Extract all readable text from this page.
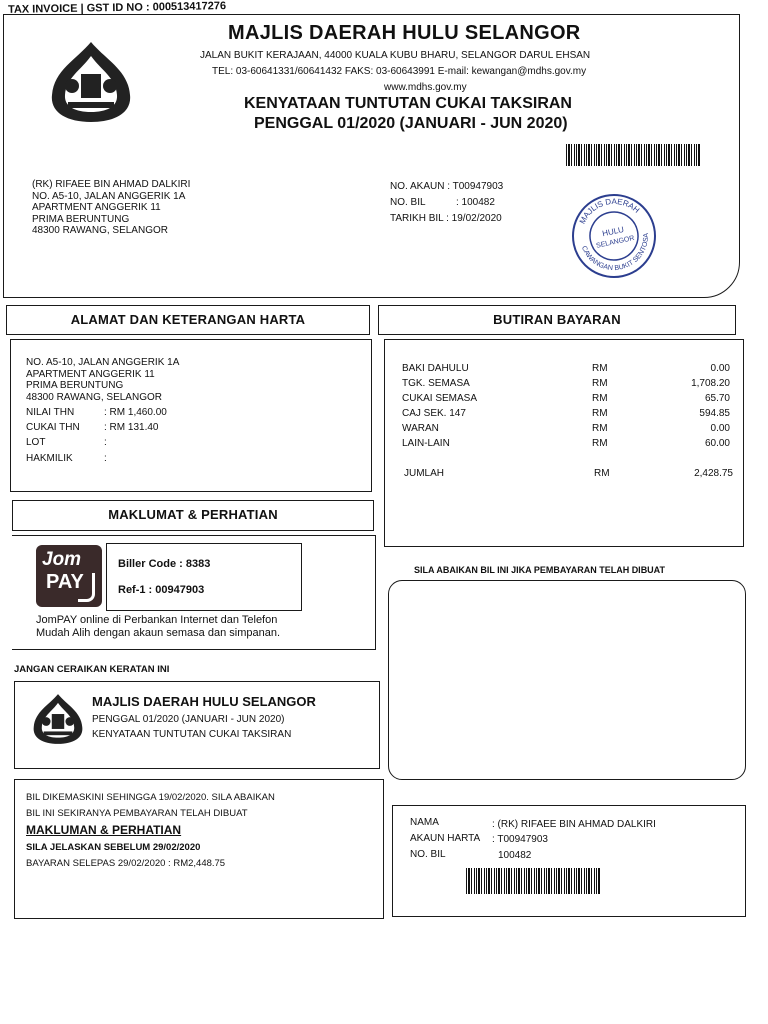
TAX INVOICE | GST ID NO : 000513417276
MAJLIS DAERAH HULU SELANGOR
JALAN BUKIT KERAJAAN, 44000 KUALA KUBU BHARU, SELANGOR DARUL EHSAN
TEL: 03-60641331/60641432 FAKS: 03-60643991 E-mail: kewangan@mdhs.gov.my
www.mdhs.gov.my
KENYATAAN TUNTUTAN CUKAI TAKSIRAN
PENGGAL 01/2020 (JANUARI - JUN 2020)
(RK) RIFAEE BIN AHMAD DALKIRI
NO. A5-10, JALAN ANGGERIK 1A
APARTMENT ANGGERIK 11
PRIMA BERUNTUNG
48300 RAWANG, SELANGOR
NO. AKAUN : T00947903
NO. BIL	: 100482
TARIKH BIL : 19/02/2020	MAJLIS DAERAH
CAWANGAN BUKIT SENTOSA
HULU
SELANGOR
ALAMAT DAN KETERANGAN HARTA
NO. A5-10, JALAN ANGGERIK 1A
APARTMENT ANGGERIK 11
PRIMA BERUNTUNG
48300 RAWANG, SELANGOR
NILAI THN	: RM 1,460.00
CUKAI THN : RM 131.40
LOT	:
HAKMILIK	:
BUTIRAN BAYARAN
BAKI DAHULU	RM	0.00
TGK. SEMASA	RM	1,708.20
CUKAI SEMASA	RM	65.70
CAJ SEK. 147	RM	594.85
WARAN	RM	0.00
LAIN-LAIN	RM	60.00
JUMLAH	RM	2,428.75
MAKLUMAT & PERHATIAN
Jom
PAY
Biller Code : 8383
Ref-1 : 00947903
JomPAY online di Perbankan Internet dan Telefon
Mudah Alih dengan akaun semasa dan simpanan.
SILA ABAIKAN BIL INI JIKA PEMBAYARAN TELAH DIBUAT
JANGAN CERAIKAN KERATAN INI
MAJLIS DAERAH HULU SELANGOR
PENGGAL 01/2020 (JANUARI - JUN 2020)
KENYATAAN TUNTUTAN CUKAI TAKSIRAN
BIL DIKEMASKINI SEHINGGA 19/02/2020. SILA ABAIKAN
BIL INI SEKIRANYA PEMBAYARAN TELAH DIBUAT
MAKLUMAN & PERHATIAN
SILA JELASKAN SEBELUM 29/02/2020
BAYARAN SELEPAS 29/02/2020 : RM2,448.75
NAMA	: (RK) RIFAEE BIN AHMAD DALKIRI
AKAUN HARTA : T00947903
NO. BIL	100482
